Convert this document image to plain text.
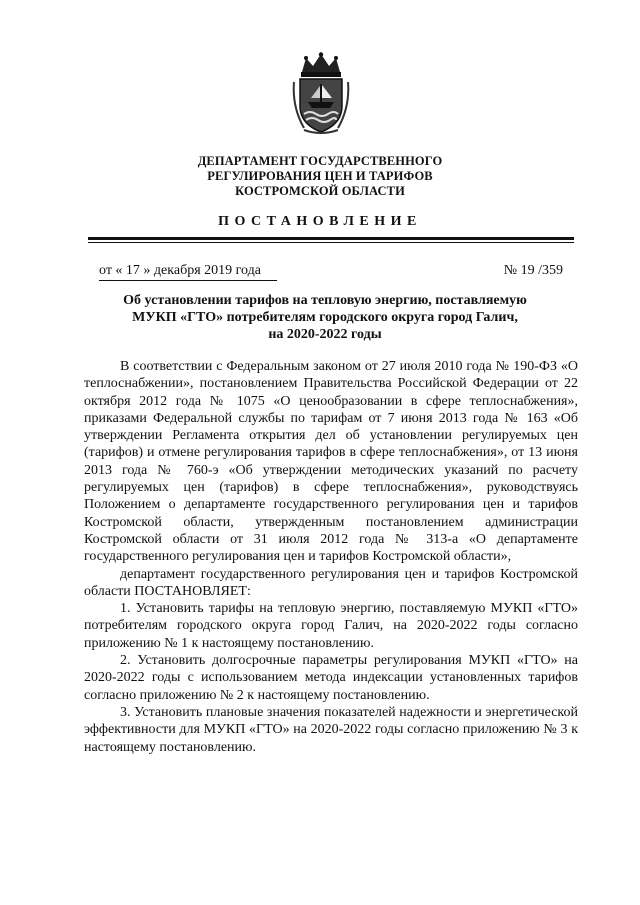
ДЕПАРТАМЕНТ ГОСУДАРСТВЕННОГО
РЕГУЛИРОВАНИЯ ЦЕН И ТАРИФОВ
КОСТРОМСКОЙ ОБЛАСТИ
ПОСТАНОВЛЕНИЕ
от « 17 » декабря 2019 года	№ 19 /359
Об установлении тарифов на тепловую энергию, поставляемую
МУКП «ГТО» потребителям городского округа город Галич,
на 2020-2022 годы

В соответствии с Федеральным законом от 27 июля 2010 года № 190-ФЗ «О теплоснабжении», постановлением Правительства Российской Федерации от 22 октября 2012 года № 1075 «О ценообразовании в сфере теплоснабжения», приказами Федеральной службы по тарифам от 7 июня 2013 года № 163 «Об утверждении Регламента открытия дел об установлении регулируемых цен (тарифов) и отмене регулирования тарифов в сфере теплоснабжения», от 13 июня 2013 года № 760-э «Об утверждении методических указаний по расчету регулируемых цен (тарифов) в сфере теплоснабжения», руководствуясь Положением о департаменте государственного регулирования цен и тарифов Костромской области, утвержденным постановлением администрации Костромской области от 31 июля 2012 года № 313-а «О департаменте государственного регулирования цен и тарифов Костромской области»,

департамент государственного регулирования цен и тарифов Костромской области ПОСТАНОВЛЯЕТ:

1. Установить тарифы на тепловую энергию, поставляемую МУКП «ГТО» потребителям городского округа город Галич, на 2020-2022 годы согласно приложению № 1 к настоящему постановлению.

2. Установить долгосрочные параметры регулирования МУКП «ГТО» на 2020-2022 годы с использованием метода индексации установленных тарифов согласно приложению № 2 к настоящему постановлению.

3. Установить плановые значения показателей надежности и энергетической эффективности для МУКП «ГТО» на 2020-2022 годы согласно приложению № 3 к настоящему постановлению.
